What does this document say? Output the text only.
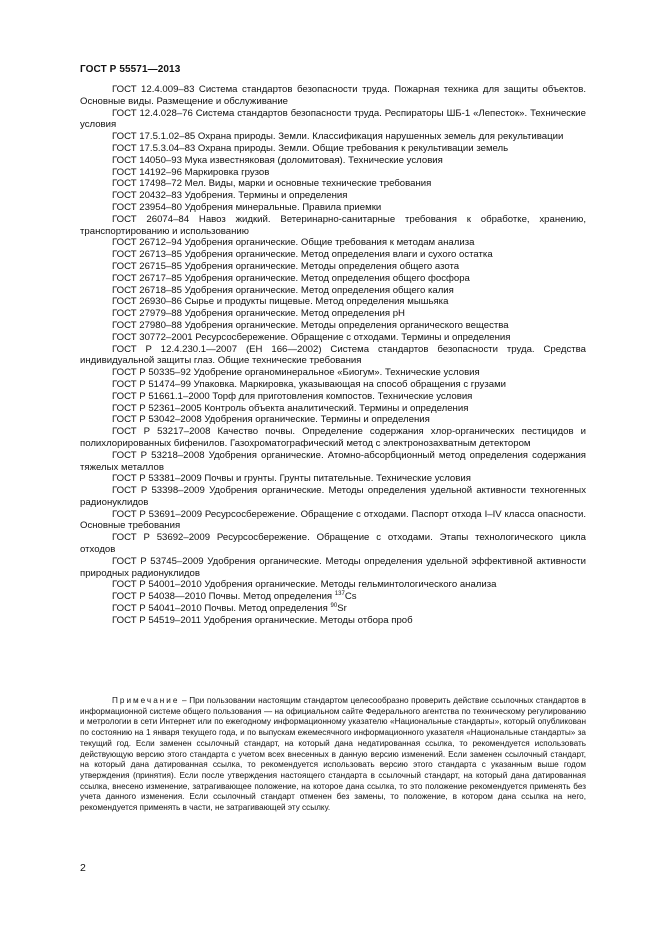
ГОСТ Р 55571—2013

ГОСТ 12.4.009–83 Система стандартов безопасности труда. Пожарная техника для защиты объектов. Основные виды. Размещение и обслуживание

ГОСТ 12.4.028–76 Система стандартов безопасности труда. Респираторы ШБ-1 «Лепесток». Технические условия

ГОСТ 17.5.1.02–85 Охрана природы. Земли. Классификация нарушенных земель для рекультивации

ГОСТ 17.5.3.04–83 Охрана природы. Земли. Общие требования к рекультивации земель

ГОСТ 14050–93 Мука известняковая (доломитовая). Технические условия

ГОСТ 14192–96 Маркировка грузов

ГОСТ 17498–72 Мел. Виды, марки и основные технические требования

ГОСТ 20432–83 Удобрения. Термины и определения

ГОСТ 23954–80 Удобрения минеральные. Правила приемки

ГОСТ 26074–84 Навоз жидкий. Ветеринарно-санитарные требования к обработке, хранению, транспортированию и использованию

ГОСТ 26712–94 Удобрения органические. Общие требования к методам анализа

ГОСТ 26713–85 Удобрения органические. Метод определения влаги и сухого остатка

ГОСТ 26715–85 Удобрения органические. Методы определения общего азота

ГОСТ 26717–85 Удобрения органические. Метод определения общего фосфора

ГОСТ 26718–85 Удобрения органические. Метод определения общего калия

ГОСТ 26930–86 Сырье и продукты пищевые. Метод определения мышьяка

ГОСТ 27979–88 Удобрения органические. Метод определения pH

ГОСТ 27980–88 Удобрения органические. Методы определения органического вещества

ГОСТ 30772–2001 Ресурсосбережение. Обращение с отходами. Термины и определения

ГОСТ Р 12.4.230.1—2007 (ЕН 166—2002) Система стандартов безопасности труда. Средства индивидуальной защиты глаз. Общие технические требования

ГОСТ Р 50335–92 Удобрение органоминеральное «Биогум». Технические условия

ГОСТ Р 51474–99 Упаковка. Маркировка, указывающая на способ обращения с грузами

ГОСТ Р 51661.1–2000 Торф для приготовления компостов. Технические условия

ГОСТ Р 52361–2005 Контроль объекта аналитический. Термины и определения

ГОСТ Р 53042–2008 Удобрения органические. Термины и определения

ГОСТ Р 53217–2008 Качество почвы. Определение содержания хлор-органических пестицидов и полихлорированных бифенилов. Газохроматографический метод с электронозахватным детектором

ГОСТ Р 53218–2008 Удобрения органические. Атомно-абсорбционный метод определения содержания тяжелых металлов

ГОСТ Р 53381–2009 Почвы и грунты. Грунты питательные. Технические условия

ГОСТ Р 53398–2009 Удобрения органические. Методы определения удельной активности техногенных радионуклидов

ГОСТ Р 53691–2009 Ресурсосбережение. Обращение с отходами. Паспорт отхода I–IV класса опасности. Основные требования

ГОСТ Р 53692–2009 Ресурсосбережение. Обращение с отходами. Этапы технологического цикла отходов

ГОСТ Р 53745–2009 Удобрения органические. Методы определения удельной эффективной активности природных радионуклидов

ГОСТ Р 54001–2010 Удобрения органические. Методы гельминтологического анализа

ГОСТ Р 54038—2010 Почвы. Метод определения $^{137}$Cs

ГОСТ Р 54041–2010 Почвы. Метод определения $^{90}$Sr

ГОСТ Р 54519–2011 Удобрения органические. Методы отбора проб

Примечание – При пользовании настоящим стандартом целесообразно проверить действие ссылочных стандартов в информационной системе общего пользования — на официальном сайте Федерального агентства по техническому регулированию и метрологии в сети Интернет или по ежегодному информационному указателю «Национальные стандарты», который опубликован по состоянию на 1 января текущего года, и по выпускам ежемесячного информационного указателя «Национальные стандарты» за текущий год. Если заменен ссылочный стандарт, на который дана недатированная ссылка, то рекомендуется использовать действующую версию этого стандарта с учетом всех внесенных в данную версию изменений. Если заменен ссылочный стандарт, на который дана датированная ссылка, то рекомендуется использовать версию этого стандарта с указанным выше годом утверждения (принятия). Если после утверждения настоящего стандарта в ссылочный стандарт, на который дана датированная ссылка, внесено изменение, затрагивающее положение, на которое дана ссылка, то это положение рекомендуется применять без учета данного изменения. Если ссылочный стандарт отменен без замены, то положение, в котором дана ссылка на него, рекомендуется применять в части, не затрагивающей эту ссылку.

2
